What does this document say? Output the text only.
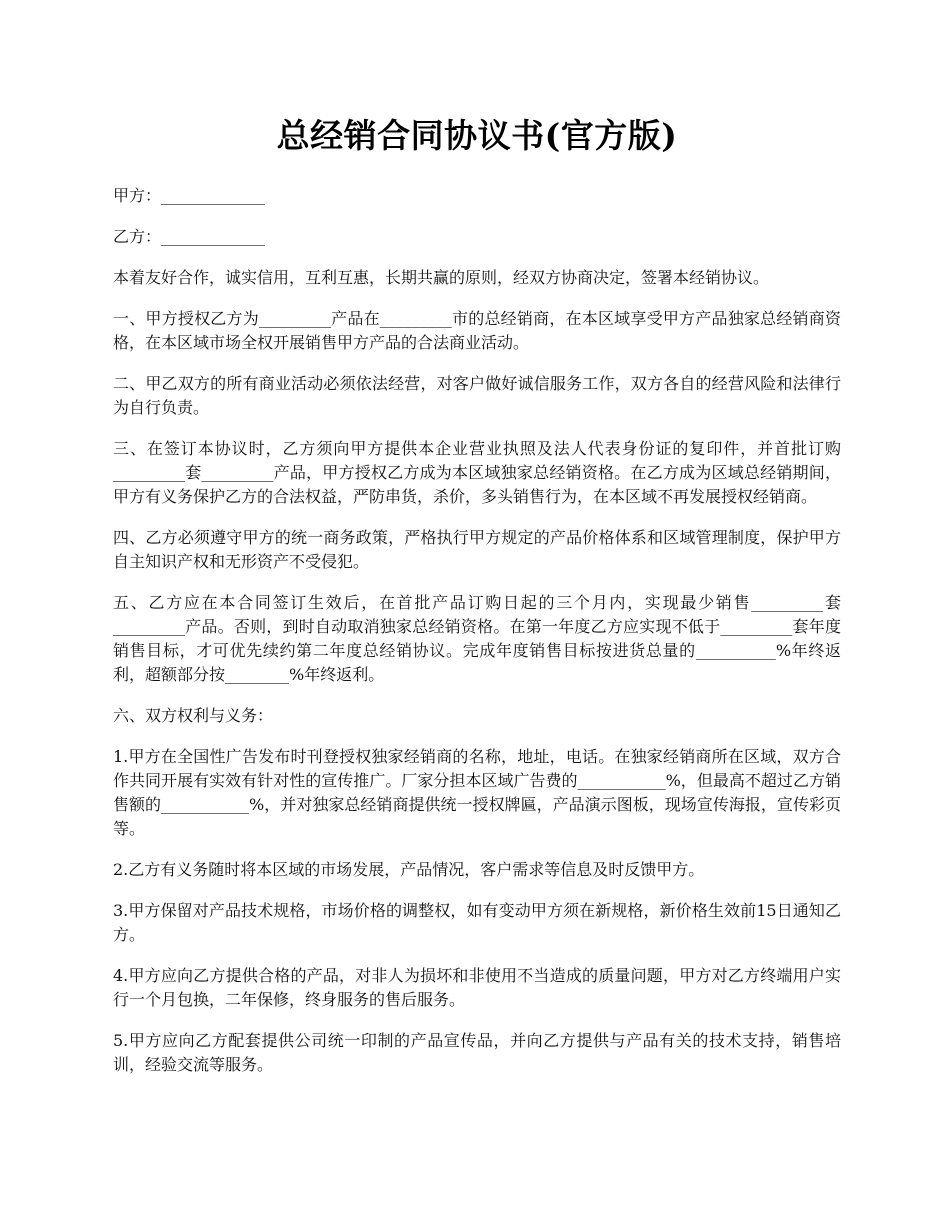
总经销合同协议书(官方版)

甲方：_____________

乙方：_____________

本着友好合作，诚实信用，互利互惠，长期共赢的原则，经双方协商决定，签署本经销协议。

一、甲方授权乙方为_________产品在_________市的总经销商，在本区域享受甲方产品独家总经销商资格，在本区域市场全权开展销售甲方产品的合法商业活动。

二、甲乙双方的所有商业活动必须依法经营，对客户做好诚信服务工作，双方各自的经营风险和法律行为自行负责。

三、在签订本协议时，乙方须向甲方提供本企业营业执照及法人代表身份证的复印件，并首批订购_________套_________产品，甲方授权乙方成为本区域独家总经销资格。在乙方成为区域总经销期间，甲方有义务保护乙方的合法权益，严防串货，杀价，多头销售行为，在本区域不再发展授权经销商。

四、乙方必须遵守甲方的统一商务政策，严格执行甲方规定的产品价格体系和区域管理制度，保护甲方自主知识产权和无形资产不受侵犯。

五、乙方应在本合同签订生效后，在首批产品订购日起的三个月内，实现最少销售_________套_________产品。否则，到时自动取消独家总经销资格。在第一年度乙方应实现不低于_________套年度销售目标，才可优先续约第二年度总经销协议。完成年度销售目标按进货总量的__________%年终返利，超额部分按________%年终返利。

六、双方权利与义务：

1.甲方在全国性广告发布时刊登授权独家经销商的名称，地址，电话。在独家经销商所在区域，双方合作共同开展有实效有针对性的宣传推广。厂家分担本区域广告费的___________%，但最高不超过乙方销售额的___________%，并对独家总经销商提供统一授权牌匾，产品演示图板，现场宣传海报，宣传彩页等。

2.乙方有义务随时将本区域的市场发展，产品情况，客户需求等信息及时反馈甲方。

3.甲方保留对产品技术规格，市场价格的调整权，如有变动甲方须在新规格，新价格生效前15日通知乙方。

4.甲方应向乙方提供合格的产品，对非人为损坏和非使用不当造成的质量问题，甲方对乙方终端用户实行一个月包换，二年保修，终身服务的售后服务。

5.甲方应向乙方配套提供公司统一印制的产品宣传品，并向乙方提供与产品有关的技术支持，销售培训，经验交流等服务。
